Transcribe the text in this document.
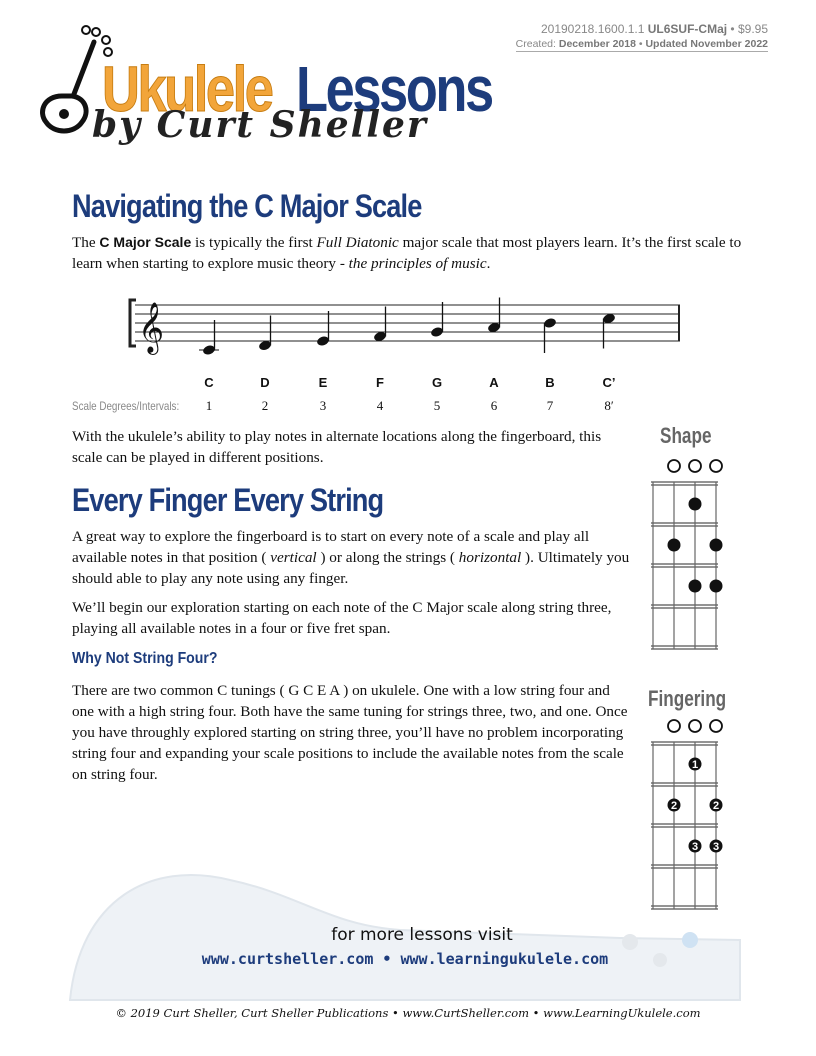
20190218.1600.1.1 UL6SUF-CMaj • $9.95
Created: December 2018 • Updated November 2022
Ukulele Lessons
by Curt Sheller
Navigating the C Major Scale

The C Major Scale is typically the first Full Diatonic major scale that most players learn. It’s the first scale to learn when starting to explore music theory - the principles of music.

𝄞
C	D	E	F	G	A	B	C’
Scale Degrees/Intervals:	1	2	3	4	5	6	7	8′

With the ukulele’s ability to play notes in alternate locations along the fingerboard, this scale can be played in different positions.

Every Finger Every String

A great way to explore the fingerboard is to start on every note of a scale and play all available notes in that position ( vertical ) or along the strings ( horizontal ). Ultimately you should able to play any note using any finger.

We’ll begin our exploration starting on each note of the C Major scale along string three, playing all available notes in a four or five fret span.

Why Not String Four?

There are two common C tunings ( G C E A ) on ukulele. One with a low string four and one with a high string four. Both have the same tuning for strings three, two, and one. Once you have throughly explored starting on string three, you’ll have no problem incorporating string four and expanding your scale positions to include the available notes from the scale on string four.

Shape
Fingering
1
2	2
3 3
for more lessons visit
www.curtsheller.com • www.learningukulele.com
© 2019 Curt Sheller, Curt Sheller Publications • www.CurtSheller.com • www.LearningUkulele.com
